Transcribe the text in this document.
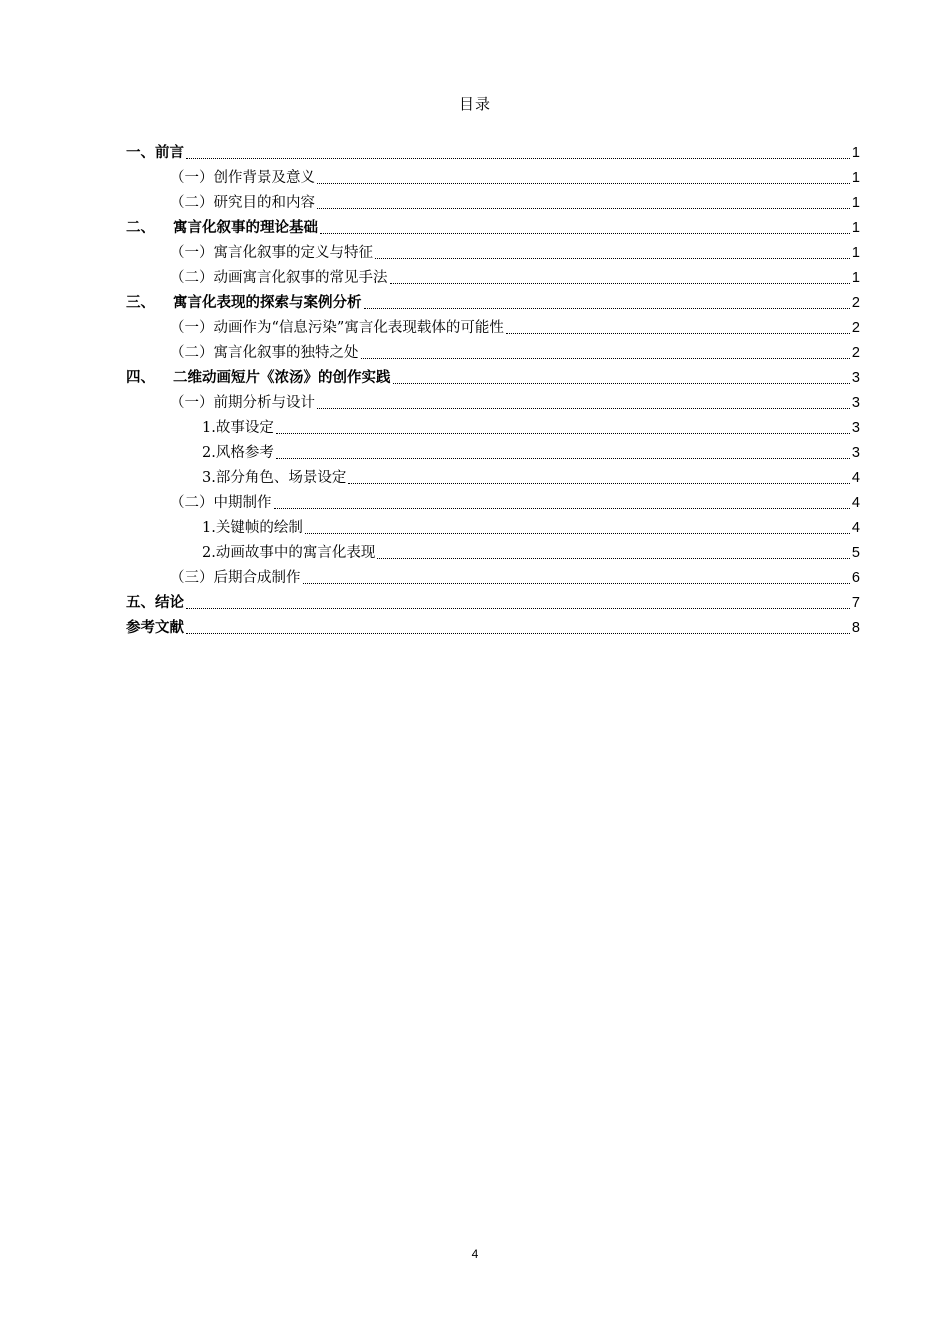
目录
一、前言	1
（一）创作背景及意义	1
（二）研究目的和内容	1
二、 寓言化叙事的理论基础	1
（一）寓言化叙事的定义与特征	1
（二）动画寓言化叙事的常见手法	1
三、 寓言化表现的探索与案例分析	2
（一）动画作为“信息污染”寓言化表现载体的可能性	2
（二）寓言化叙事的独特之处	2
四、 二维动画短片《浓汤》的创作实践	3
（一）前期分析与设计	3
1.故事设定	3
2.风格参考	3
3.部分角色、场景设定	4
（二）中期制作	4
1.关键帧的绘制	4
2.动画故事中的寓言化表现	5
（三）后期合成制作	6
五、结论	7
参考文献	8
4
